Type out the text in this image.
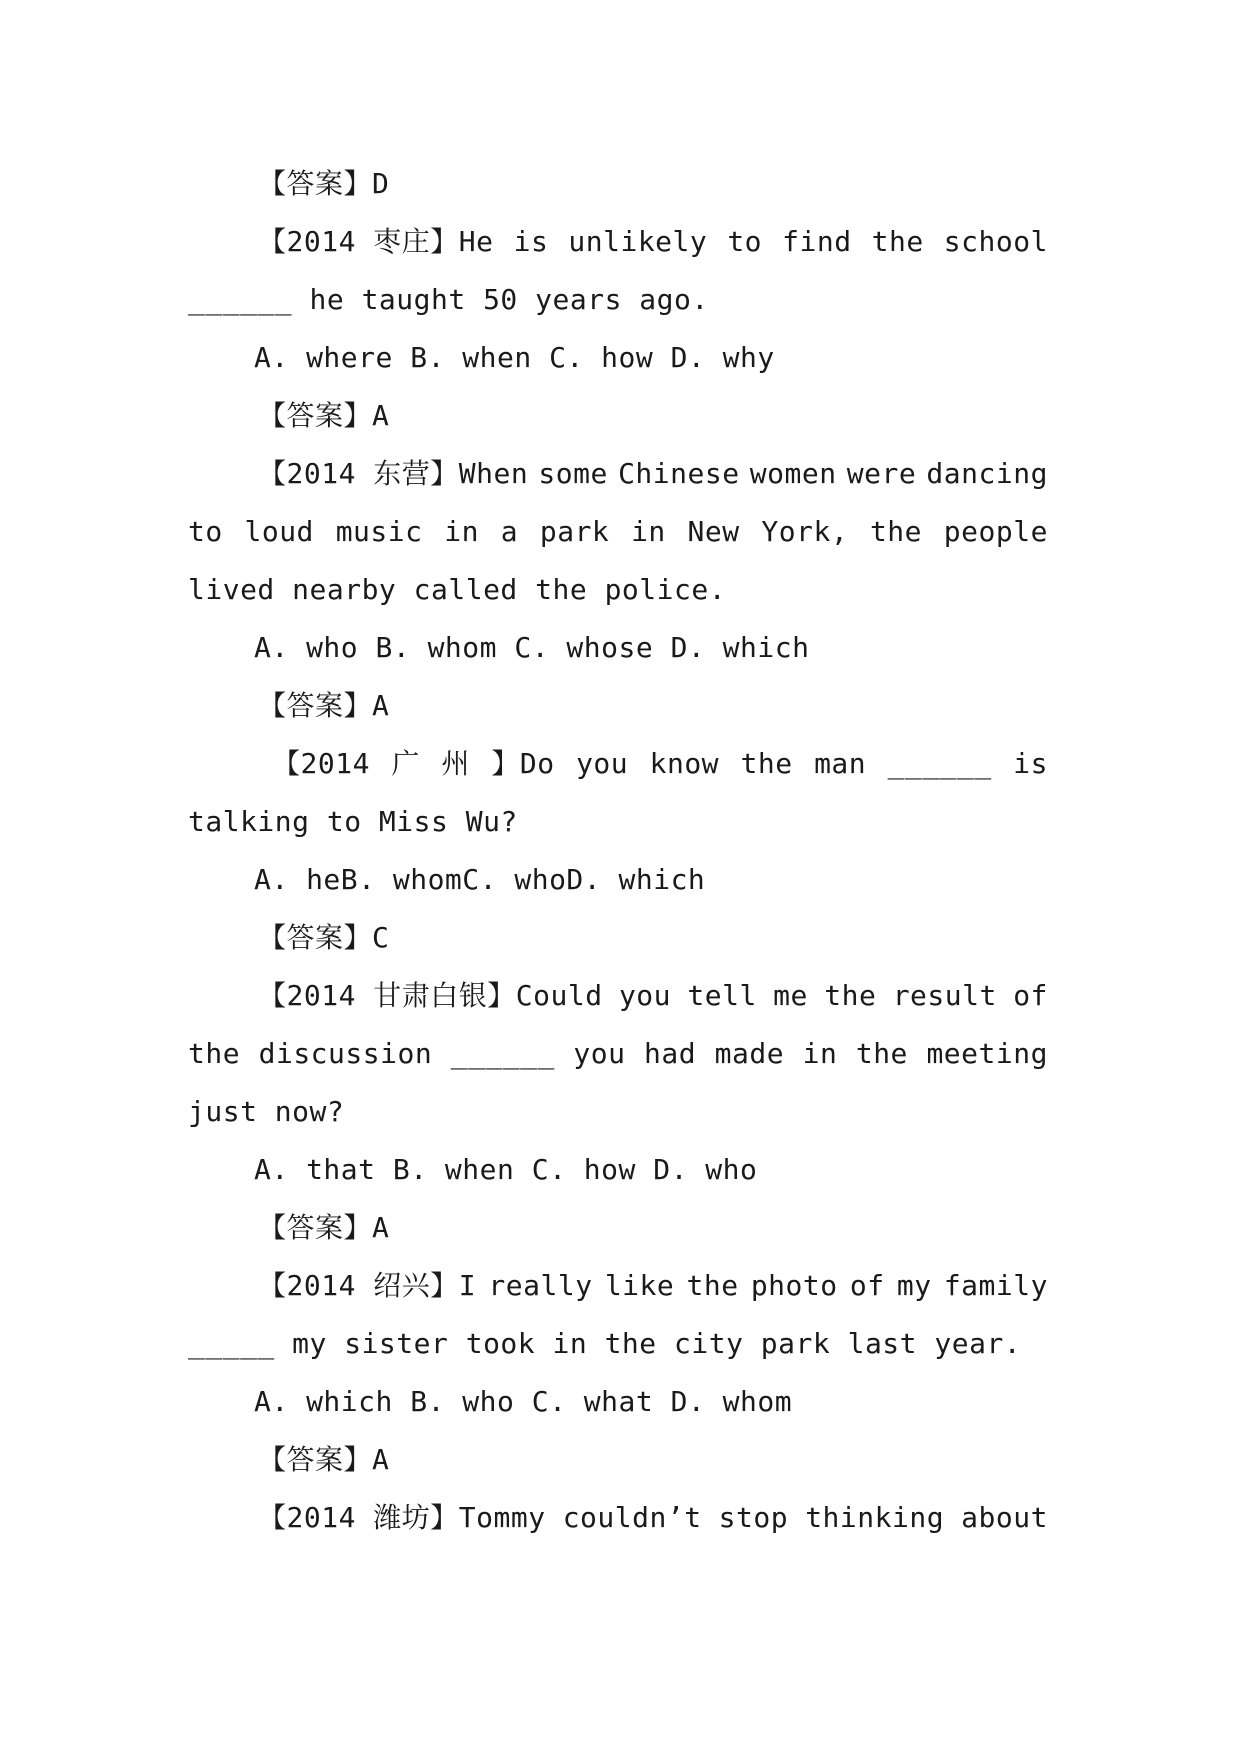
【答案】D
【2014 枣庄】He is unlikely to find the school
______ he taught 50 years ago.
A. where B. when C. how D. why
【答案】A
【2014 东营】When some Chinese women were dancing
to loud music in a park in New York, the people
lived nearby called the police.
A. who B. whom C. whose D. which
【答案】A
【2014 广 州 】Do you know the man ______ is
talking to Miss Wu?
A. heB. whomC. whoD. which
【答案】C
【2014 甘肃白银】Could you tell me the result of
the discussion ______ you had made in the meeting
just now?
A. that B. when C. how D. who
【答案】A
【2014 绍兴】I really like the photo of my family
_____ my sister took in the city park last year.
A. which B. who C. what D. whom
【答案】A
【2014 潍坊】Tommy couldn’t stop thinking about
